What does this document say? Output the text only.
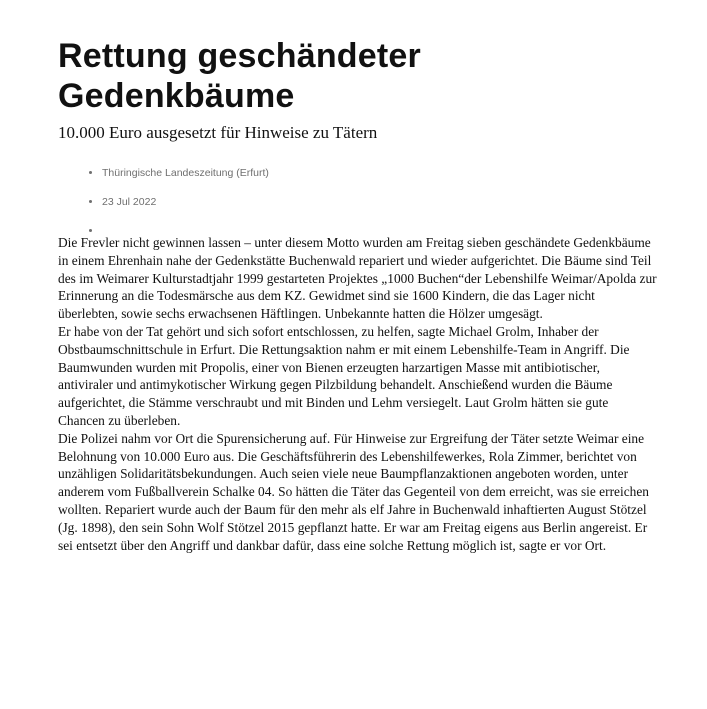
Rettung geschändeter Gedenkbäume
10.000 Euro ausgesetzt für Hinweise zu Tätern
• Thüringische Landeszeitung (Erfurt)
• 23 Jul 2022
•

Die Frevler nicht gewinnen lassen – unter diesem Motto wurden am Freitag sieben geschändete Gedenkbäume in einem Ehrenhain nahe der Gedenkstätte Buchenwald repariert und wieder aufgerichtet. Die Bäume sind Teil des im Weimarer Kulturstadtjahr 1999 gestarteten Projektes „1000 Buchen“der Lebenshilfe Weimar/Apolda zur Erinnerung an die Todesmärsche aus dem KZ. Gewidmet sind sie 1600 Kindern, die das Lager nicht überlebten, sowie sechs erwachsenen Häftlingen. Unbekannte hatten die Hölzer umgesägt.

Er habe von der Tat gehört und sich sofort entschlossen, zu helfen, sagte Michael Grolm, Inhaber der Obstbaumschnittschule in Erfurt. Die Rettungsaktion nahm er mit einem Lebenshilfe-Team in Angriff. Die Baumwunden wurden mit Propolis, einer von Bienen erzeugten harzartigen Masse mit antibiotischer, antiviraler und antimykotischer Wirkung gegen Pilzbildung behandelt. Anschießend wurden die Bäume aufgerichtet, die Stämme verschraubt und mit Binden und Lehm versiegelt. Laut Grolm hätten sie gute Chancen zu überleben.

Die Polizei nahm vor Ort die Spurensicherung auf. Für Hinweise zur Ergreifung der Täter setzte Weimar eine Belohnung von 10.000 Euro aus. Die Geschäftsführerin des Lebenshilfewerkes, Rola Zimmer, berichtet von unzähligen Solidaritätsbekundungen. Auch seien viele neue Baumpflanzaktionen angeboten worden, unter anderem vom Fußballverein Schalke 04. So hätten die Täter das Gegenteil von dem erreicht, was sie erreichen wollten. Repariert wurde auch der Baum für den mehr als elf Jahre in Buchenwald inhaftierten August Stötzel (Jg. 1898), den sein Sohn Wolf Stötzel 2015 gepflanzt hatte. Er war am Freitag eigens aus Berlin angereist. Er sei entsetzt über den Angriff und dankbar dafür, dass eine solche Rettung möglich ist, sagte er vor Ort.
